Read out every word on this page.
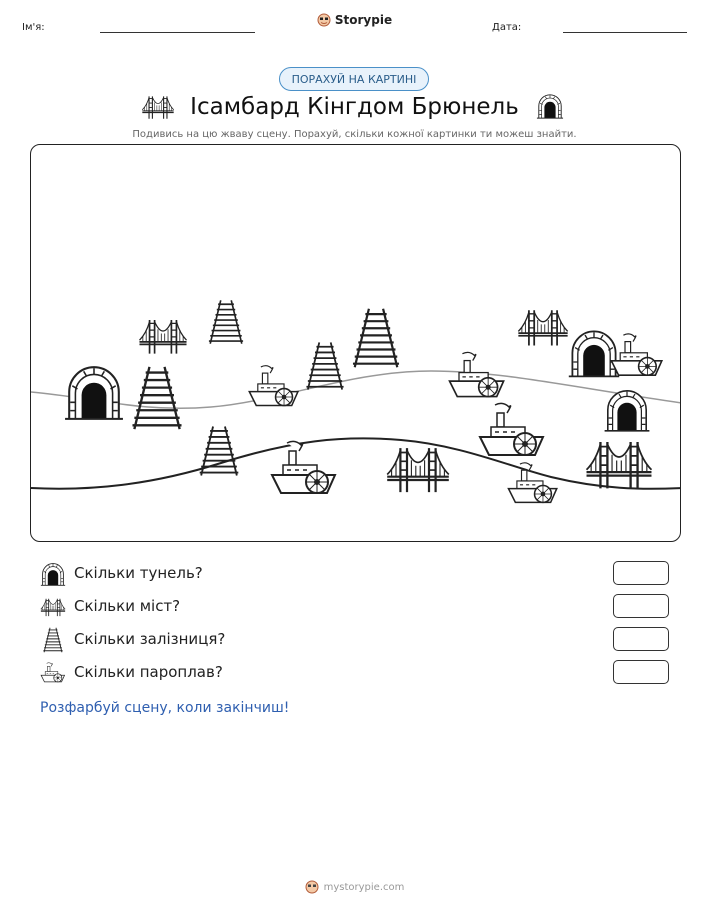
Ім'я:
Storypie
Дата:
ПОРАХУЙ НА КАРТИНІ
Ісамбард Кінгдом Брюнель
Подивись на цю жваву сцену. Порахуй, скільки кожної картинки ти можеш знайти.
Скільки тунель?
Скільки міст?
Скільки залізниця?
Скільки пароплав?
Розфарбуй сцену, коли закінчиш!
mystorypie.com
